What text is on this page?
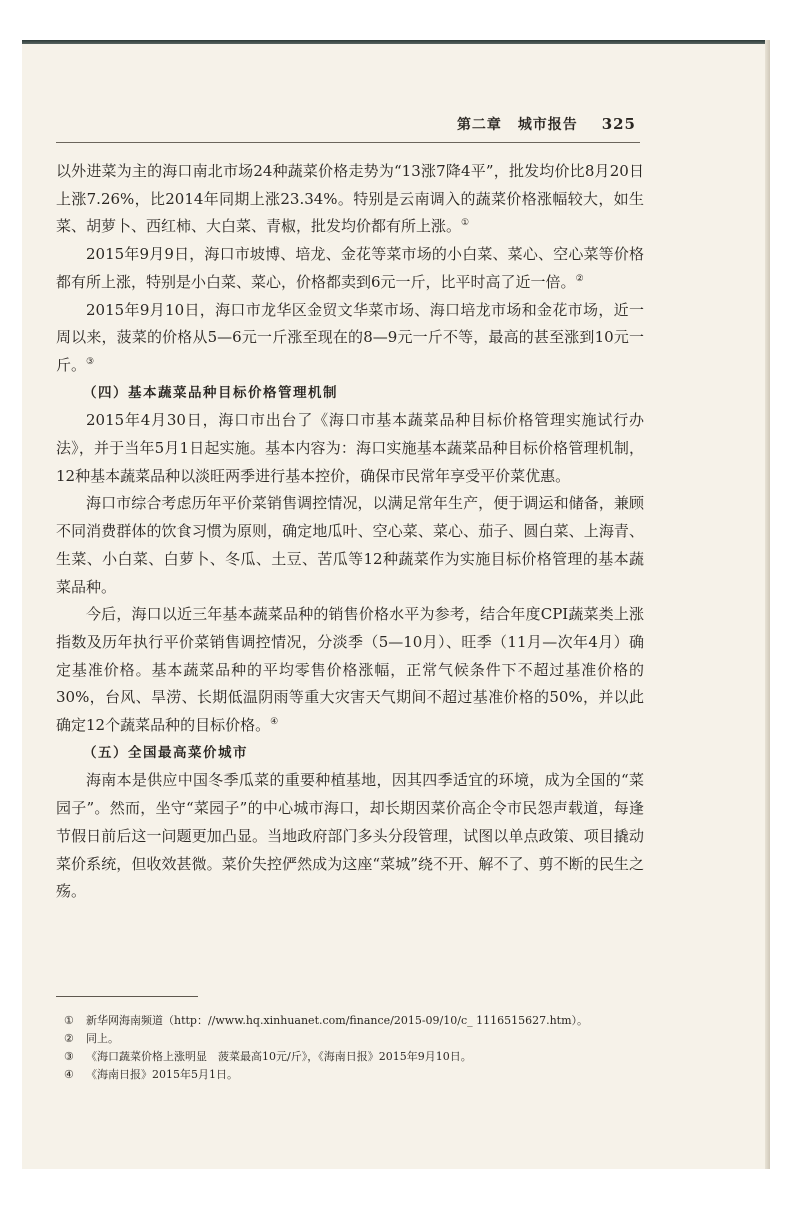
第二章 城市报告 325

以外进菜为主的海口南北市场24种蔬菜价格走势为“13涨7降4平”，批发均价比8月20日上涨7.26%，比2014年同期上涨23.34%。特别是云南调入的蔬菜价格涨幅较大，如生菜、胡萝卜、西红柿、大白菜、青椒，批发均价都有所上涨。①

2015年9月9日，海口市坡博、培龙、金花等菜市场的小白菜、菜心、空心菜等价格都有所上涨，特别是小白菜、菜心，价格都卖到6元一斤，比平时高了近一倍。②

2015年9月10日，海口市龙华区金贸文华菜市场、海口培龙市场和金花市场，近一周以来，菠菜的价格从5—6元一斤涨至现在的8—9元一斤不等，最高的甚至涨到10元一斤。③

（四）基本蔬菜品种目标价格管理机制

2015年4月30日，海口市出台了《海口市基本蔬菜品种目标价格管理实施试行办法》，并于当年5月1日起实施。基本内容为：海口实施基本蔬菜品种目标价格管理机制，12种基本蔬菜品种以淡旺两季进行基本控价，确保市民常年享受平价菜优惠。

海口市综合考虑历年平价菜销售调控情况，以满足常年生产，便于调运和储备，兼顾不同消费群体的饮食习惯为原则，确定地瓜叶、空心菜、菜心、茄子、圆白菜、上海青、生菜、小白菜、白萝卜、冬瓜、土豆、苦瓜等12种蔬菜作为实施目标价格管理的基本蔬菜品种。

今后，海口以近三年基本蔬菜品种的销售价格水平为参考，结合年度CPI蔬菜类上涨指数及历年执行平价菜销售调控情况，分淡季（5—10月）、旺季（11月—次年4月）确定基准价格。基本蔬菜品种的平均零售价格涨幅，正常气候条件下不超过基准价格的30%，台风、旱涝、长期低温阴雨等重大灾害天气期间不超过基准价格的50%，并以此确定12个蔬菜品种的目标价格。④

（五）全国最高菜价城市

海南本是供应中国冬季瓜菜的重要种植基地，因其四季适宜的环境，成为全国的“菜园子”。然而，坐守“菜园子”的中心城市海口，却长期因菜价高企令市民怨声载道，每逢节假日前后这一问题更加凸显。当地政府部门多头分段管理，试图以单点政策、项目撬动菜价系统，但收效甚微。菜价失控俨然成为这座“菜城”绕不开、解不了、剪不断的民生之殇。

① 新华网海南频道（http：//www.hq.xinhuanet.com/finance/2015-09/10/c_ 1116515627.htm）。
② 同上。
③ 《海口蔬菜价格上涨明显　菠菜最高10元/斤》，《海南日报》2015年9月10日。
④ 《海南日报》2015年5月1日。
